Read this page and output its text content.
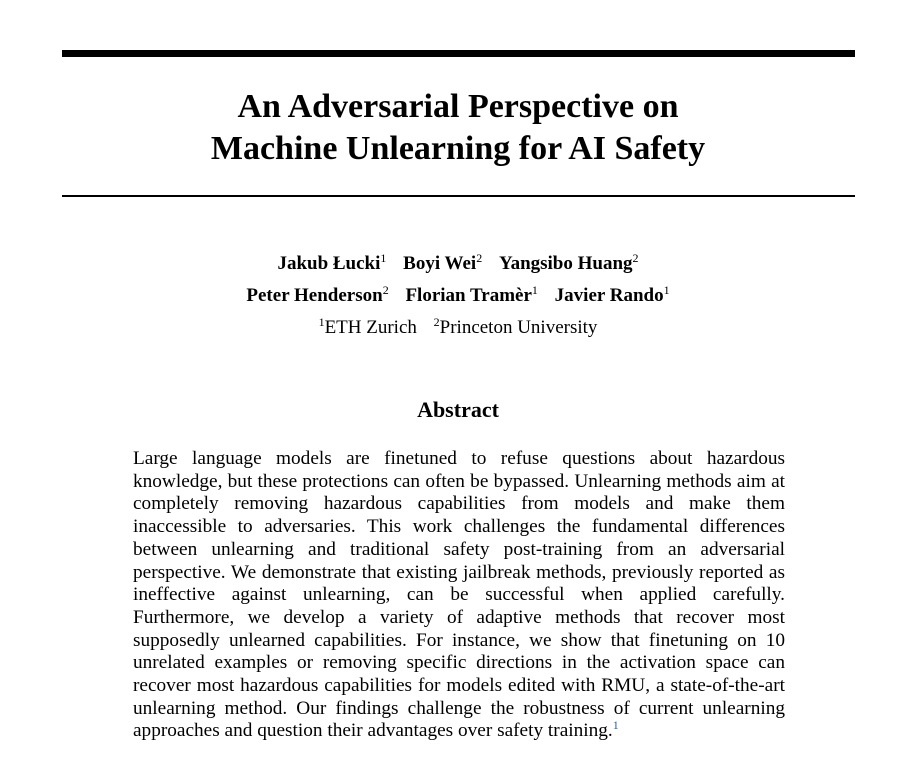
An Adversarial Perspective on
Machine Unlearning for AI Safety
Jakub Łucki$^1$ Boyi Wei$^2$ Yangsibo Huang$^2$
Peter Henderson$^2$ Florian Tramèr$^1$ Javier Rando$^1$
$^1$ETH Zurich $^2$Princeton University
Abstract

Large language models are finetuned to refuse questions about hazardous knowledge, but these protections can often be bypassed. Unlearning methods aim at completely removing hazardous capabilities from models and make them inaccessible to adversaries. This work challenges the fundamental differences between unlearning and traditional safety post-training from an adversarial perspective. We demonstrate that existing jailbreak methods, previously reported as ineffective against unlearning, can be successful when applied carefully. Furthermore, we develop a variety of adaptive methods that recover most supposedly unlearned capabilities. For instance, we show that finetuning on 10 unrelated examples or removing specific directions in the activation space can recover most hazardous capabilities for models edited with RMU, a state-of-the-art unlearning method. Our findings challenge the robustness of current unlearning approaches and question their advantages over safety training.$^1$
